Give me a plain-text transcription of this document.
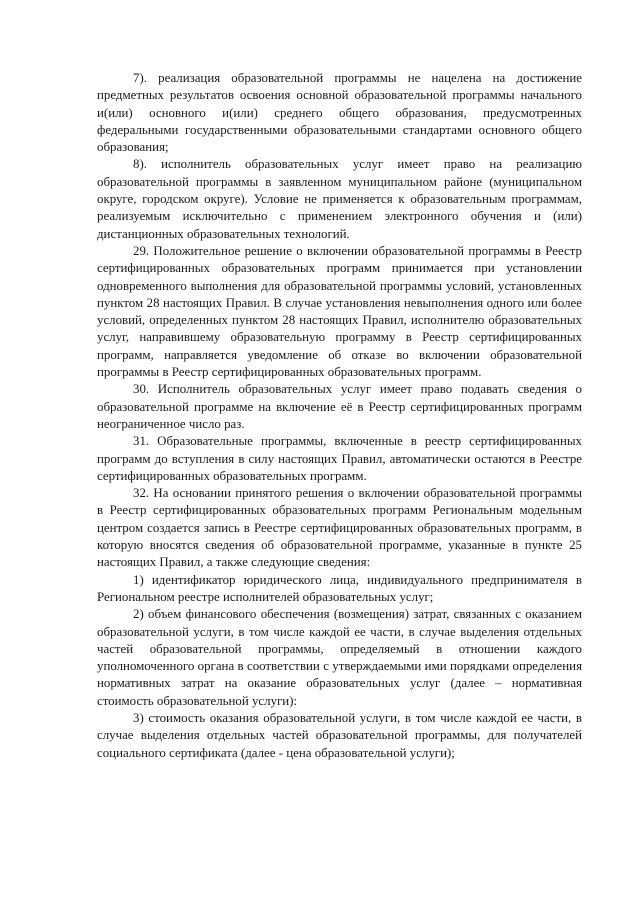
7). реализация образовательной программы не нацелена на достижение предметных результатов освоения основной образовательной программы начального и(или) основного и(или) среднего общего образования, предусмотренных федеральными государственными образовательными стандартами основного общего образования;

8). исполнитель образовательных услуг имеет право на реализацию образовательной программы в заявленном муниципальном районе (муниципальном округе, городском округе). Условие не применяется к образовательным программам, реализуемым исключительно с применением электронного обучения и (или) дистанционных образовательных технологий.

29. Положительное решение о включении образовательной программы в Реестр сертифицированных образовательных программ принимается при установлении одновременного выполнения для образовательной программы условий, установленных пунктом 28 настоящих Правил. В случае установления невыполнения одного или более условий, определенных пунктом 28 настоящих Правил, исполнителю образовательных услуг, направившему образовательную программу в Реестр сертифицированных программ, направляется уведомление об отказе во включении образовательной программы в Реестр сертифицированных образовательных программ.

30. Исполнитель образовательных услуг имеет право подавать сведения о образовательной программе на включение её в Реестр сертифицированных программ неограниченное число раз.

31. Образовательные программы, включенные в реестр сертифицированных программ до вступления в силу настоящих Правил, автоматически остаются в Реестре сертифицированных образовательных программ.

32. На основании принятого решения о включении образовательной программы в Реестр сертифицированных образовательных программ Региональным модельным центром создается запись в Реестре сертифицированных образовательных программ, в которую вносятся сведения об образовательной программе, указанные в пункте 25 настоящих Правил, а также следующие сведения:

1) идентификатор юридического лица, индивидуального предпринимателя в Региональном реестре исполнителей образовательных услуг;

2) объем финансового обеспечения (возмещения) затрат, связанных с оказанием образовательной услуги, в том числе каждой ее части, в случае выделения отдельных частей образовательной программы, определяемый в отношении каждого уполномоченного органа в соответствии с утверждаемыми ими порядками определения нормативных затрат на оказание образовательных услуг (далее – нормативная стоимость образовательной услуги):

3) стоимость оказания образовательной услуги, в том числе каждой ее части, в случае выделения отдельных частей образовательной программы, для получателей социального сертификата (далее - цена образовательной услуги);
